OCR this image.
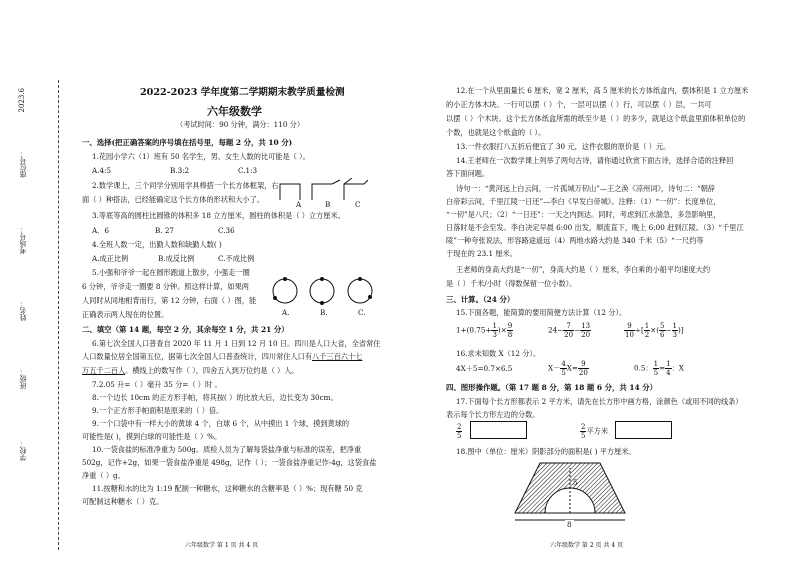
2023.6
座位号：
考场号：
姓名：
班级：
学校：
2022-2023 学年度第二学期期末教学质量检测
六年级数学
（考试时间：90 分钟，满分：110 分）
一、选择(把正确答案的序号填在括号里，每题 2 分，共 10 分)
1.花园小学六（1）班有 50 名学生，男、女生人数的比可能是（ ）。
A.4:5	B.3:2	C.1:3
2.数学课上，三个同学分别用学具棒搭一个长方体框架，右
面（ ）种搭法，已经能确定这个长方体的形状和大小了。
A	B	C
3.等底等高的圆柱比圆锥的体积多 18 立方厘米，圆柱的体积是（ ）立方厘米。
A．6	B. 27	C.36
4.全班人数一定，出勤人数和缺勤人数( )
A.成正比例	B.成反比例	C.不成比例
5.小强和爷爷一起在圆形跑道上散步，小强走一圈
6 分钟，爷爷走一圈要 8 分钟。照这样计算，如果两
人同时从同地相背而行，第 12 分钟，右面（ ）图，能
正确表示两人现在的位置。	A.	B.	C.
二、填空（第 14 题，每空 2 分，其余每空 1 分，共 21 分）
6.第七次全国人口普查自 2020 年 11 月 1 日到 12 月 10 日。四川是人口大省，全省常住
人口数量位居全国第五位，据第七次全国人口普查统计，四川常住人口有八千三百六十七
万五千二百人。横线上的数写作（ ），四舍五入到万位约是（ ）人。
7.2.05 升=（ ）毫升 35 分=（ ）时 。
8.一个边长 10cm 的正方形手帕，将其按( ）的比放大后，边长变为 30cm。
9.一个正方形手帕面积是原来的（ ）倍。
9.一个口袋中有一样大小的黄球 4 个，白球 6 个，从中摸出 1 个球，摸到黄球的
可能性是( )，摸到白球的可能性是（ ）%。
10.一袋食盐的标准净重为 500g。质检人员为了解每袋盐净重与标准的误差，把净重
502g，记作+2g，如果一袋食盐净重是 498g，记作（ ）；一袋食盐净重记作-4g，这袋食盐
净重（ ）g。
11.按糖和水的比为 1:19 配制一种糖水，这种糖水的含糖率是（ ）%；现有糖 50 克
可配制这种糖水（ ）克。
12.在一个从里面量长 6 厘米，宽 2 厘米，高 5 厘米的长方体纸盒内，摆体积是 1 立方厘米
的小正方体木块。一行可以摆（ ）个，一层可以摆（ ）行，可以摆（ ）层，一共可
以摆（ ）个木块。这个长方体纸盒所需的纸至少是（ ）的多少，就是这个纸盒里面体积单位的
个数，也就是这个纸盒的（ ）。
13.一件衣服打八五折后便宜了 30 元，这件衣服的原价是（ ）元。
14.王老师在一次数学课上列举了两句古诗，请你通过欣赏下面古诗，选择合适的注释回
答下面问题。
诗句一：“黄河远上白云间，一片孤城万仞山”—王之涣《凉州词》，诗句二：“朝辞
白帝彩云间，千里江陵一日还”—李白《早发白帝城》。注释：（1）“一仞”：长度单位，
“一仞”是八尺；（2）“一日还”：一天之内到达。同时，考虑到江水湍急，多急影响里，
日落时是不会至发。李白决定早晨 6:00 出发，顺流直下，晚上 6:00 赶到江陵。（3）“千里江
陵”一种夸张说法，形容路途遥远（4）两地水路大约是 340 千米（5）“一尺约等
于现在的 23.1 厘米。
王老师的身高大约是“一仞”，身高大约是（ ）厘米，李白乘的小船平均速度大约
是（ ）千米/小时（得数保留一位小数）。
三、计算。（24 分）
15.下面各题，能简算的要用简便方法计算（12 分）。
$1+(0.75+ \frac{1}{3}$ )× $\frac{9}{8}$	$24- \frac{7}{20} - \frac{13}{20}$	$\frac{9}{10}$ ÷[ $\frac{1}{2}$ ×( $\frac{5}{6} - \frac{1}{3}$ )]
16.求未知数 X（12 分）。
4X＋5=0.7×6.5	$X- \frac{4}{5} X= \frac{9}{20}$	0.5： $\frac{1}{5} = \frac{1}{4}$ ：X
四、图形操作题。（第 17 题 8 分，第 18 题 6 分，共 14 分）
17.下面每个长方形都表示 2 平方米，请先在长方形中画方格，涂颜色（或用不同的线条）
表示每个长方形左边的分数。
$\frac{2}{5}$	$\frac{2}{5}$ 平方米
18.图中（单位：厘米）阴影部分的面积是( ) 平方厘米。
5
8
六年级数学 第 1 页 共 4 页	六年级数学 第 2 页 共 4 页
